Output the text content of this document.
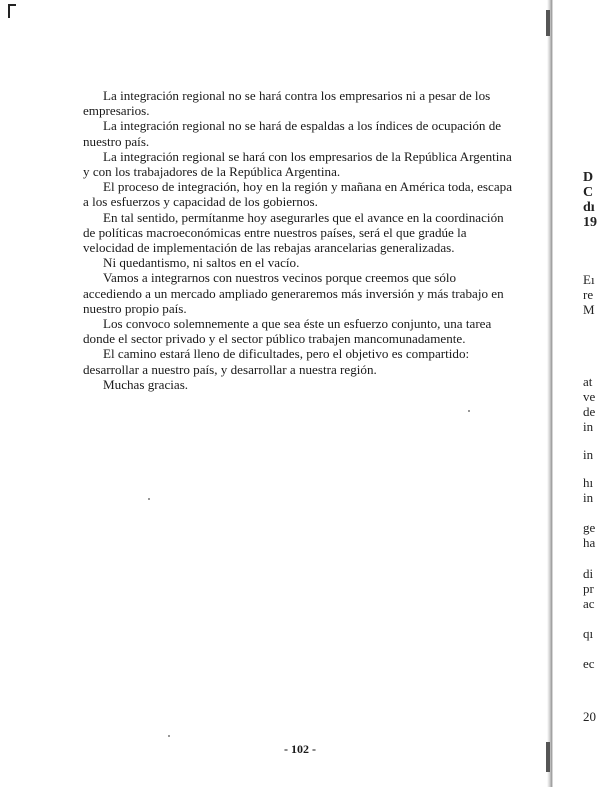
La integración regional no se hará contra los empresarios ni a pesar de los empresarios.

La integración regional no se hará de espaldas a los índices de ocupación de nuestro país.

La integración regional se hará con los empresarios de la República Argentina y con los trabajadores de la República Argentina.

El proceso de integración, hoy en la región y mañana en América toda, escapa a los esfuerzos y capacidad de los gobiernos.

En tal sentido, permítanme hoy asegurarles que el avance en la coordinación de políticas macroeconómicas entre nuestros países, será el que gradúe la velocidad de implementación de las rebajas arancelarias generalizadas.

Ni quedantismo, ni saltos en el vacío.

Vamos a integrarnos con nuestros vecinos porque creemos que sólo accediendo a un mercado ampliado generaremos más inversión y más trabajo en nuestro propio país.

Los convoco solemnemente a que sea éste un esfuerzo conjunto, una tarea donde el sector privado y el sector público trabajen mancomunadamente.

El camino estará lleno de dificultades, pero el objetivo es compartido: desarrollar a nuestro país, y desarrollar a nuestra región.

Muchas gracias.

- 102 -
D
C
dı
19
Eı
re
M
at
ve
de
in
in
hı
in
ge
ha
di
pr
ac
qı
ec
20
